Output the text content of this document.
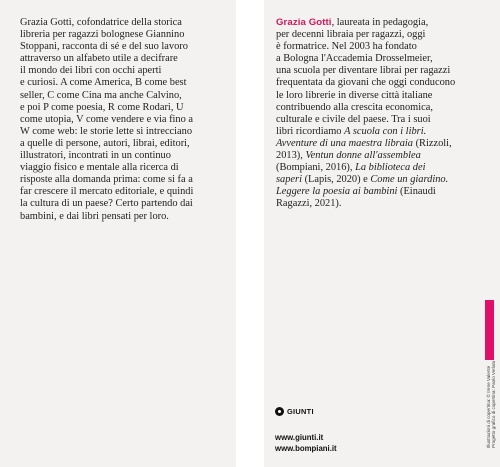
Grazia Gotti, cofondatrice della storica
libreria per ragazzi bolognese Giannino
Stoppani, racconta di sé e del suo lavoro
attraverso un alfabeto utile a decifrare
il mondo dei libri con occhi aperti
e curiosi. A come America, B come best
seller, C come Cina ma anche Calvino,
e poi P come poesia, R come Rodari, U
come utopia, V come vendere e via fino a
W come web: le storie lette si intrecciano
a quelle di persone, autori, librai, editori,
illustratori, incontrati in un continuo
viaggio fisico e mentale alla ricerca di
risposte alla domanda prima: come si fa a
far crescere il mercato editoriale, e quindi
la cultura di un paese? Certo partendo dai
bambini, e dai libri pensati per loro.
Grazia Gotti, laureata in pedagogia,
per decenni libraia per ragazzi, oggi
è formatrice. Nel 2003 ha fondato
a Bologna l'Accademia Drosselmeier,
una scuola per diventare librai per ragazzi
frequentata da giovani che oggi conducono
le loro librerie in diverse città italiane
contribuendo alla crescita economica,
culturale e civile del paese. Tra i suoi
libri ricordiamo A scuola con i libri.
Avventure di una maestra libraia (Rizzoli,
2013), Ventun donne all'assemblea
(Bompiani, 2016), La biblioteca dei
saperi (Lapis, 2020) e Come un giardino.
Leggere la poesia ai bambini (Einaudi
Ragazzi, 2021).
Illustrazioni di copertina: © Irene Valente Progetto grafico di copertina: Paolo Verlato
GIUNTI
www.giunti.it
www.bompiani.it
